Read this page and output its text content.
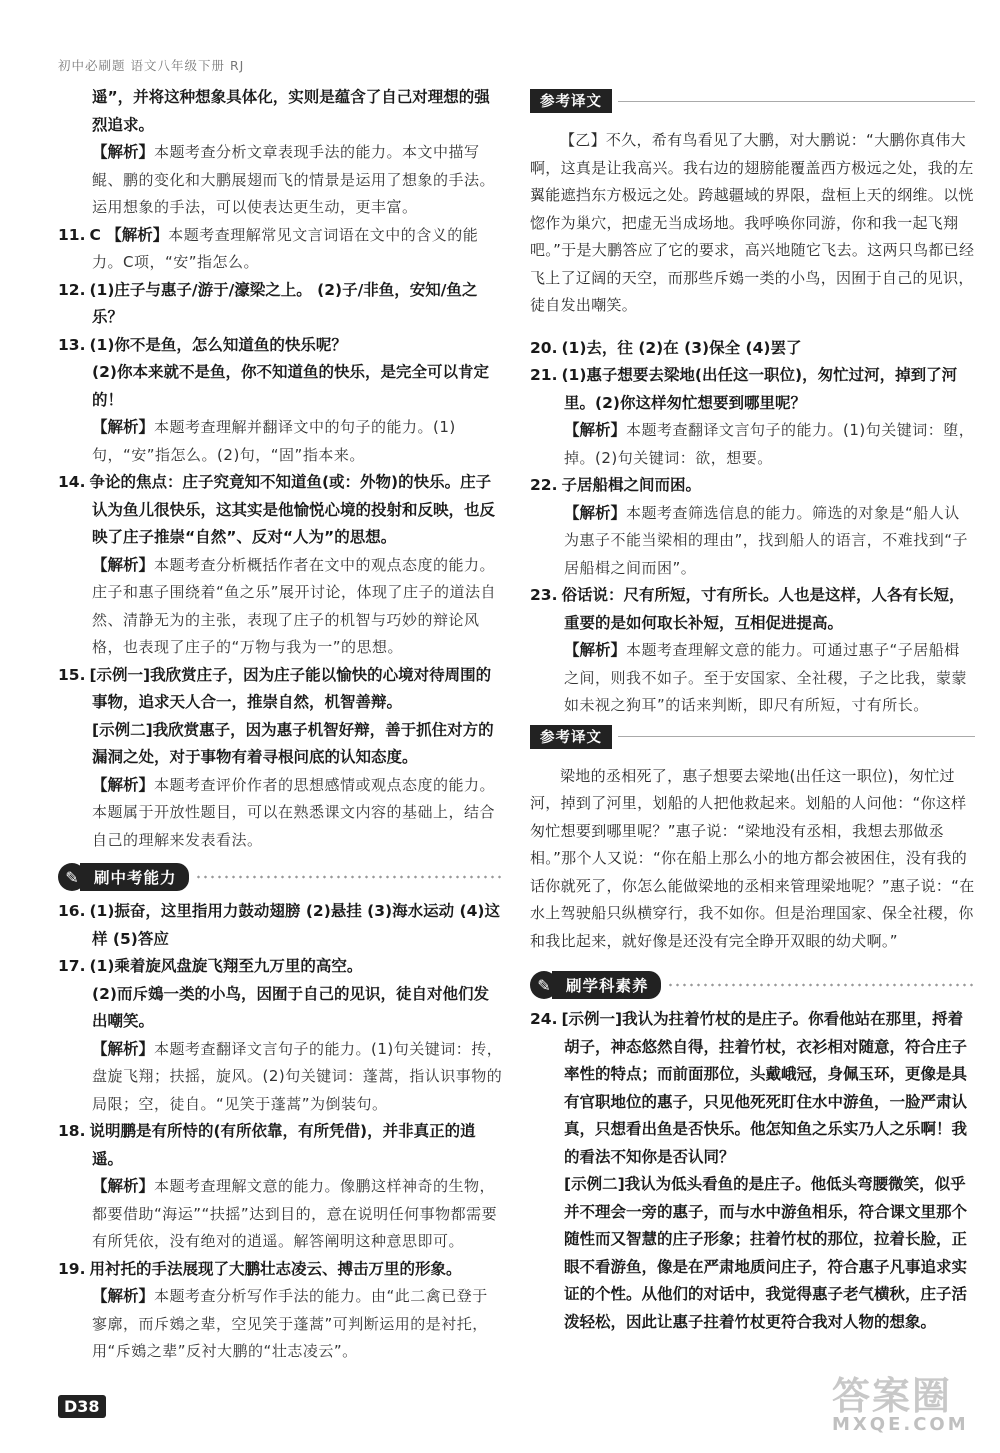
初中必刷题 语文八年级下册 RJ

遥”，并将这种想象具体化，实则是蕴含了自己对理想的强烈追求。

【解析】本题考查分析文章表现手法的能力。本文中描写鲲、鹏的变化和大鹏展翅而飞的情景是运用了想象的手法。运用想象的手法，可以使表达更生动，更丰富。

11. C 【解析】本题考查理解常见文言词语在文中的含义的能力。C项，“安”指怎么。

12. (1)庄子与惠子/游于/濠梁之上。 (2)子/非鱼，安知/鱼之乐？

13. (1)你不是鱼，怎么知道鱼的快乐呢？

(2)你本来就不是鱼，你不知道鱼的快乐，是完全可以肯定的！

【解析】本题考查理解并翻译文中的句子的能力。(1)句，“安”指怎么。(2)句，“固”指本来。

14. 争论的焦点：庄子究竟知不知道鱼(或：外物)的快乐。庄子认为鱼儿很快乐，这其实是他愉悦心境的投射和反映，也反映了庄子推崇“自然”、反对“人为”的思想。

【解析】本题考查分析概括作者在文中的观点态度的能力。庄子和惠子围绕着“鱼之乐”展开讨论，体现了庄子的道法自然、清静无为的主张，表现了庄子的机智与巧妙的辩论风格，也表现了庄子的“万物与我为一”的思想。

15. [示例一]我欣赏庄子，因为庄子能以愉快的心境对待周围的事物，追求天人合一，推崇自然，机智善辩。

[示例二]我欣赏惠子，因为惠子机智好辩，善于抓住对方的漏洞之处，对于事物有着寻根问底的认知态度。

【解析】本题考查评价作者的思想感情或观点态度的能力。本题属于开放性题目，可以在熟悉课文内容的基础上，结合自己的理解来发表看法。

✎ 刷中考能力

16. (1)振奋，这里指用力鼓动翅膀 (2)悬挂 (3)海水运动 (4)这样 (5)答应

17. (1)乘着旋风盘旋飞翔至九万里的高空。

(2)而斥鴳一类的小鸟，因囿于自己的见识，徒自对他们发出嘲笑。

【解析】本题考查翻译文言句子的能力。(1)句关键词：抟，盘旋飞翔；扶摇，旋风。(2)句关键词：蓬蒿，指认识事物的局限；空，徒自。“见笑于蓬蒿”为倒装句。

18. 说明鹏是有所恃的(有所依靠，有所凭借)，并非真正的逍遥。

【解析】本题考查理解文意的能力。像鹏这样神奇的生物，都要借助“海运”“扶摇”达到目的，意在说明任何事物都需要有所凭依，没有绝对的逍遥。解答阐明这种意思即可。

19. 用衬托的手法展现了大鹏壮志凌云、搏击万里的形象。

【解析】本题考查分析写作手法的能力。由“此二禽已登于寥廓，而斥鴳之辈，空见笑于蓬蒿”可判断运用的是衬托，用“斥鴳之辈”反衬大鹏的“壮志凌云”。

参考译文

【乙】不久，希有鸟看见了大鹏，对大鹏说：“大鹏你真伟大啊，这真是让我高兴。我右边的翅膀能覆盖西方极远之处，我的左翼能遮挡东方极远之处。跨越疆域的界限，盘桓上天的纲维。以恍惚作为巢穴，把虚无当成场地。我呼唤你同游，你和我一起飞翔吧。”于是大鹏答应了它的要求，高兴地随它飞去。这两只鸟都已经飞上了辽阔的天空，而那些斥鴳一类的小鸟，因囿于自己的见识，徒自发出嘲笑。

20. (1)去，往 (2)在 (3)保全 (4)罢了

21. (1)惠子想要去梁地(出任这一职位)，匆忙过河，掉到了河里。(2)你这样匆忙想要到哪里呢？

【解析】本题考查翻译文言句子的能力。(1)句关键词：堕，掉。(2)句关键词：欲，想要。

22. 子居船楫之间而困。

【解析】本题考查筛选信息的能力。筛选的对象是“船人认为惠子不能当梁相的理由”，找到船人的语言，不难找到“子居船楫之间而困”。

23. 俗话说：尺有所短，寸有所长。人也是这样，人各有长短，重要的是如何取长补短，互相促进提高。

【解析】本题考查理解文意的能力。可通过惠子“子居船楫之间，则我不如子。至于安国家、全社稷，子之比我，蒙蒙如未视之狗耳”的话来判断，即尺有所短，寸有所长。

参考译文

梁地的丞相死了，惠子想要去梁地(出任这一职位)，匆忙过河，掉到了河里，划船的人把他救起来。划船的人问他：“你这样匆忙想要到哪里呢？”惠子说：“梁地没有丞相，我想去那做丞相。”那个人又说：“你在船上那么小的地方都会被困住，没有我的话你就死了，你怎么能做梁地的丞相来管理梁地呢？”惠子说：“在水上驾驶船只纵横穿行，我不如你。但是治理国家、保全社稷，你和我比起来，就好像是还没有完全睁开双眼的幼犬啊。”

✎ 刷学科素养

24. [示例一]我认为拄着竹杖的是庄子。你看他站在那里，捋着胡子，神态悠然自得，拄着竹杖，衣衫相对随意，符合庄子率性的特点；而前面那位，头戴峨冠，身佩玉环，更像是具有官职地位的惠子，只见他死死盯住水中游鱼，一脸严肃认真，只想看出鱼是否快乐。他怎知鱼之乐实乃人之乐啊！我的看法不知你是否认同？

[示例二]我认为低头看鱼的是庄子。他低头弯腰微笑，似乎并不理会一旁的惠子，而与水中游鱼相乐，符合课文里那个随性而又智慧的庄子形象；拄着竹杖的那位，拉着长脸，正眼不看游鱼，像是在严肃地质问庄子，符合惠子凡事追求实证的个性。从他们的对话中，我觉得惠子老气横秋，庄子活泼轻松，因此让惠子拄着竹杖更符合我对人物的想象。

D38	答案圈
MXQE.COM
